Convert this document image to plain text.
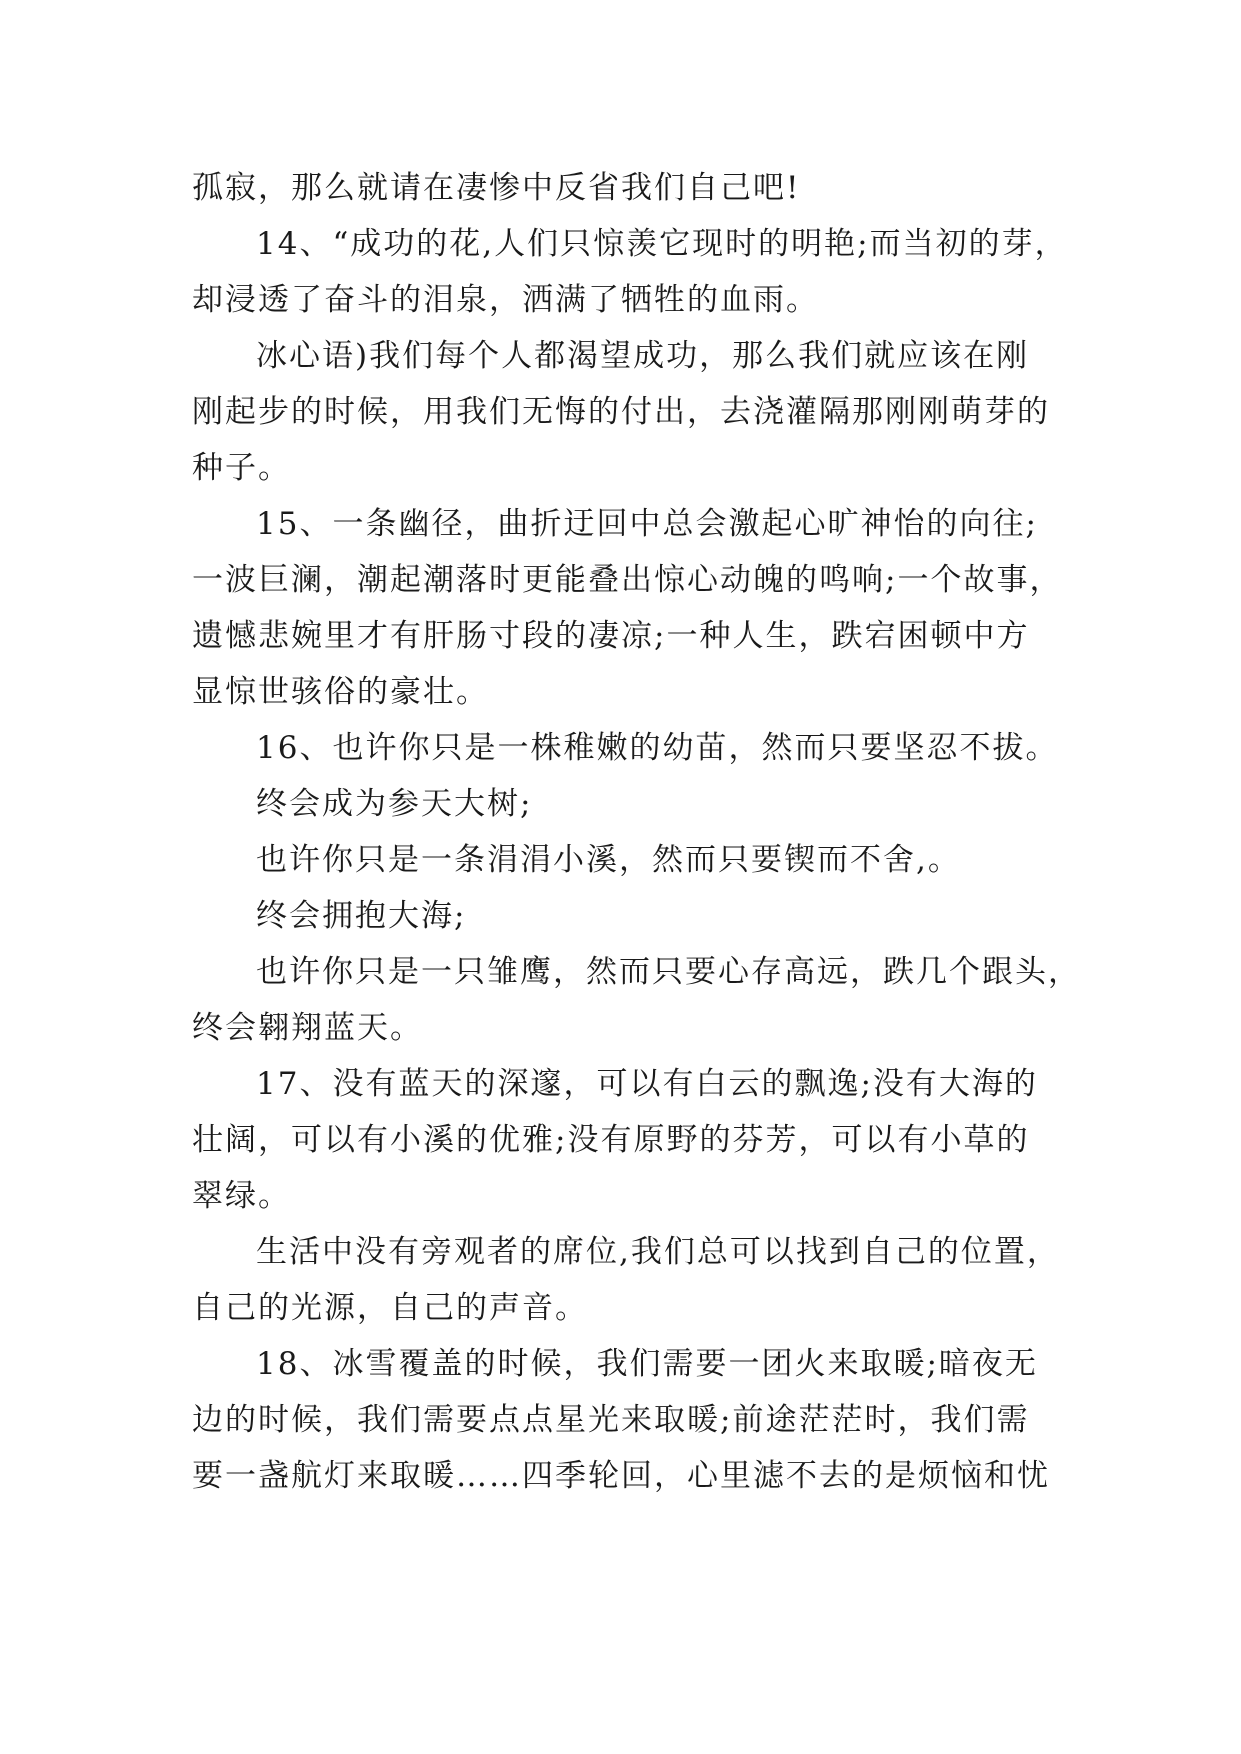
孤寂，那么就请在凄惨中反省我们自己吧!
14、“成功的花,人们只惊羡它现时的明艳;而当初的芽，
却浸透了奋斗的泪泉，洒满了牺牲的血雨。
冰心语)我们每个人都渴望成功，那么我们就应该在刚
刚起步的时候，用我们无悔的付出，去浇灌隔那刚刚萌芽的
种子。
15、一条幽径，曲折迂回中总会激起心旷神怡的向往;
一波巨澜，潮起潮落时更能叠出惊心动魄的鸣响;一个故事，
遗憾悲婉里才有肝肠寸段的凄凉;一种人生，跌宕困顿中方
显惊世骇俗的豪壮。
16、也许你只是一株稚嫩的幼苗，然而只要坚忍不拔。
终会成为参天大树;
也许你只是一条涓涓小溪，然而只要锲而不舍,。
终会拥抱大海;
也许你只是一只雏鹰，然而只要心存高远，跌几个跟头，
终会翱翔蓝天。
17、没有蓝天的深邃，可以有白云的飘逸;没有大海的
壮阔，可以有小溪的优雅;没有原野的芬芳，可以有小草的
翠绿。
生活中没有旁观者的席位,我们总可以找到自己的位置，
自己的光源，自己的声音。
18、冰雪覆盖的时候，我们需要一团火来取暖;暗夜无
边的时候，我们需要点点星光来取暖;前途茫茫时，我们需
要一盏航灯来取暖……四季轮回，心里滤不去的是烦恼和忧
